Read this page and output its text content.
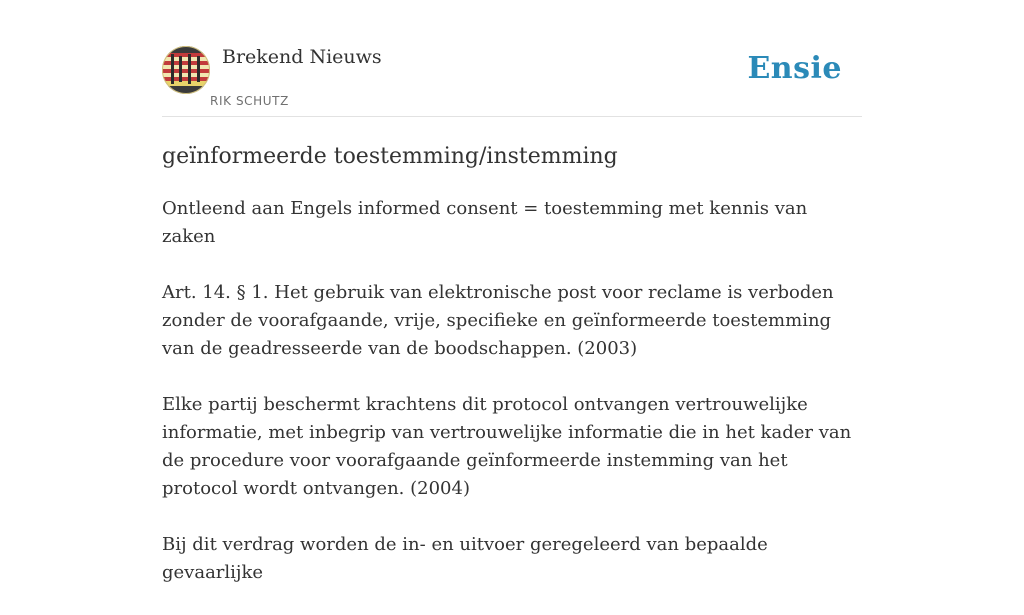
Brekend Nieuws
RIK SCHUTZ
Ensie
geïnformeerde toestemming/instemming

Ontleend aan Engels informed consent = toestemming met kennis van zaken

Art. 14. § 1. Het gebruik van elektronische post voor reclame is verboden zonder de voorafgaande, vrije, specifieke en geïnformeerde toestemming van de geadresseerde van de boodschappen. (2003)

Elke partij beschermt krachtens dit protocol ontvangen vertrouwelijke informatie, met inbegrip van vertrouwelijke informatie die in het kader van de procedure voor voorafgaande geïnformeerde instemming van het protocol wordt ontvangen. (2004)

Bij dit verdrag worden de in- en uitvoer geregeleerd van bepaalde gevaarlijke
